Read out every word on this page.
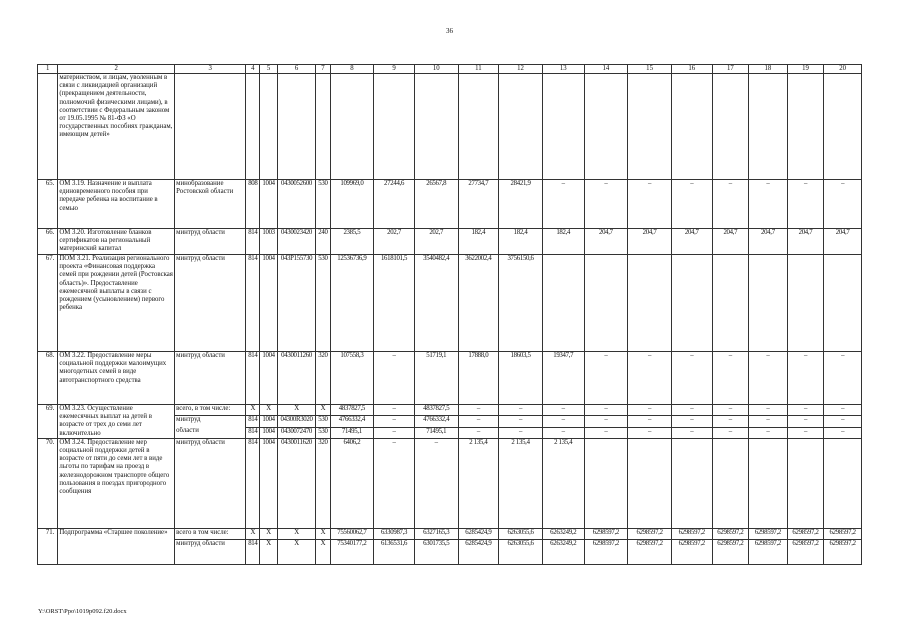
36
1	2	3	4	5	6	7	8	9	10	11	12	13	14	15	16	17	18	19	20
	материнством, и лицам, уволенным в связи с ликвидацией организаций (прекращением деятельности, полномочий физическими лицами), в соответствии с Федеральным законом от 19.05.1995 № 81-ФЗ «О государственных пособиях гражданам, имеющим детей»																		
65.	ОМ 3.19. Назначение и выплата единовременного пособия при передаче ребенка на воспитание в семью	минобразование Ростовской области	808	1004	0430052600	530	109969,0	27244,6	26567,8	27734,7	28421,9	–	–	–	–	–	–	–	–
66.	ОМ 3.20. Изготовление бланков сертификатов на региональный материнский капитал	минтруд области	814	1003	0430023420	240	2385,5	202,7	202,7	182,4	182,4	182,4	204,7	204,7	204,7	204,7	204,7	204,7	204,7
67.	ПОМ 3.21. Реализация регионального проекта «Финансовая поддержка семей при рождении детей (Ростовская область)». Предоставление ежемесячной выплаты в связи с рождением (усыновлением) первого ребенка	минтруд области	814	1004	043P155730	530	12536736,9	1618101,5	3540482,4	3622002,4	3756150,6								
68.	ОМ 3.22. Предоставление меры социальной поддержки малоимущих многодетных семей в виде автотранспортного средства	минтруд области	814	1004	0430011260	320	107558,3	–	51719,1	17888,0	18603,5	19347,7	–	–	–	–	–	–	–
69.	ОМ 3.23. Осуществление ежемесячных выплат на детей в возрасте от трех до семи лет включительно	всего, в том числе:	X	X	X	X	4837827,5	–	4837827,5	–	–	–	–	–	–	–	–	–	–
		минтруд	814	1004	04300R3020	530	4766332,4	–	4766332,4	–	–	–	–	–	–	–	–	–	–
		области	814	1004	0430072470	530	71495,1	–	71495,1	–	–	–	–	–	–	–	–	–	–
70.	ОМ 3.24. Предоставление мер социальной поддержки детей в возрасте от пяти до семи лет в виде льготы по тарифам на проезд в железнодорожном транспорте общего пользования в поездах пригородного сообщения	минтруд области	814	1004	0430011620	320	6406,2	–	–	2 135,4	2 135,4	2 135,4							
71.	Подпрограмма «Старшее поколение»	всего в том числе:	X	X	X	X	75560062,7	6330987,3	6327165,3	6285424,9	6263055,6	6263249,2	6298597,2	6298597,2	6298597,2	6298597,2	6298597,2	6298597,2	6298597,2
		минтруд области	814	X	X	X	75340177,2	6136531,6	6301735,5	6285424,9	6263055,6	6263249,2	6298597,2	6298597,2	6298597,2	6298597,2	6298597,2	6298597,2	6298597,2
Y:\ORST\Ppo\1019p092.f20.docx
